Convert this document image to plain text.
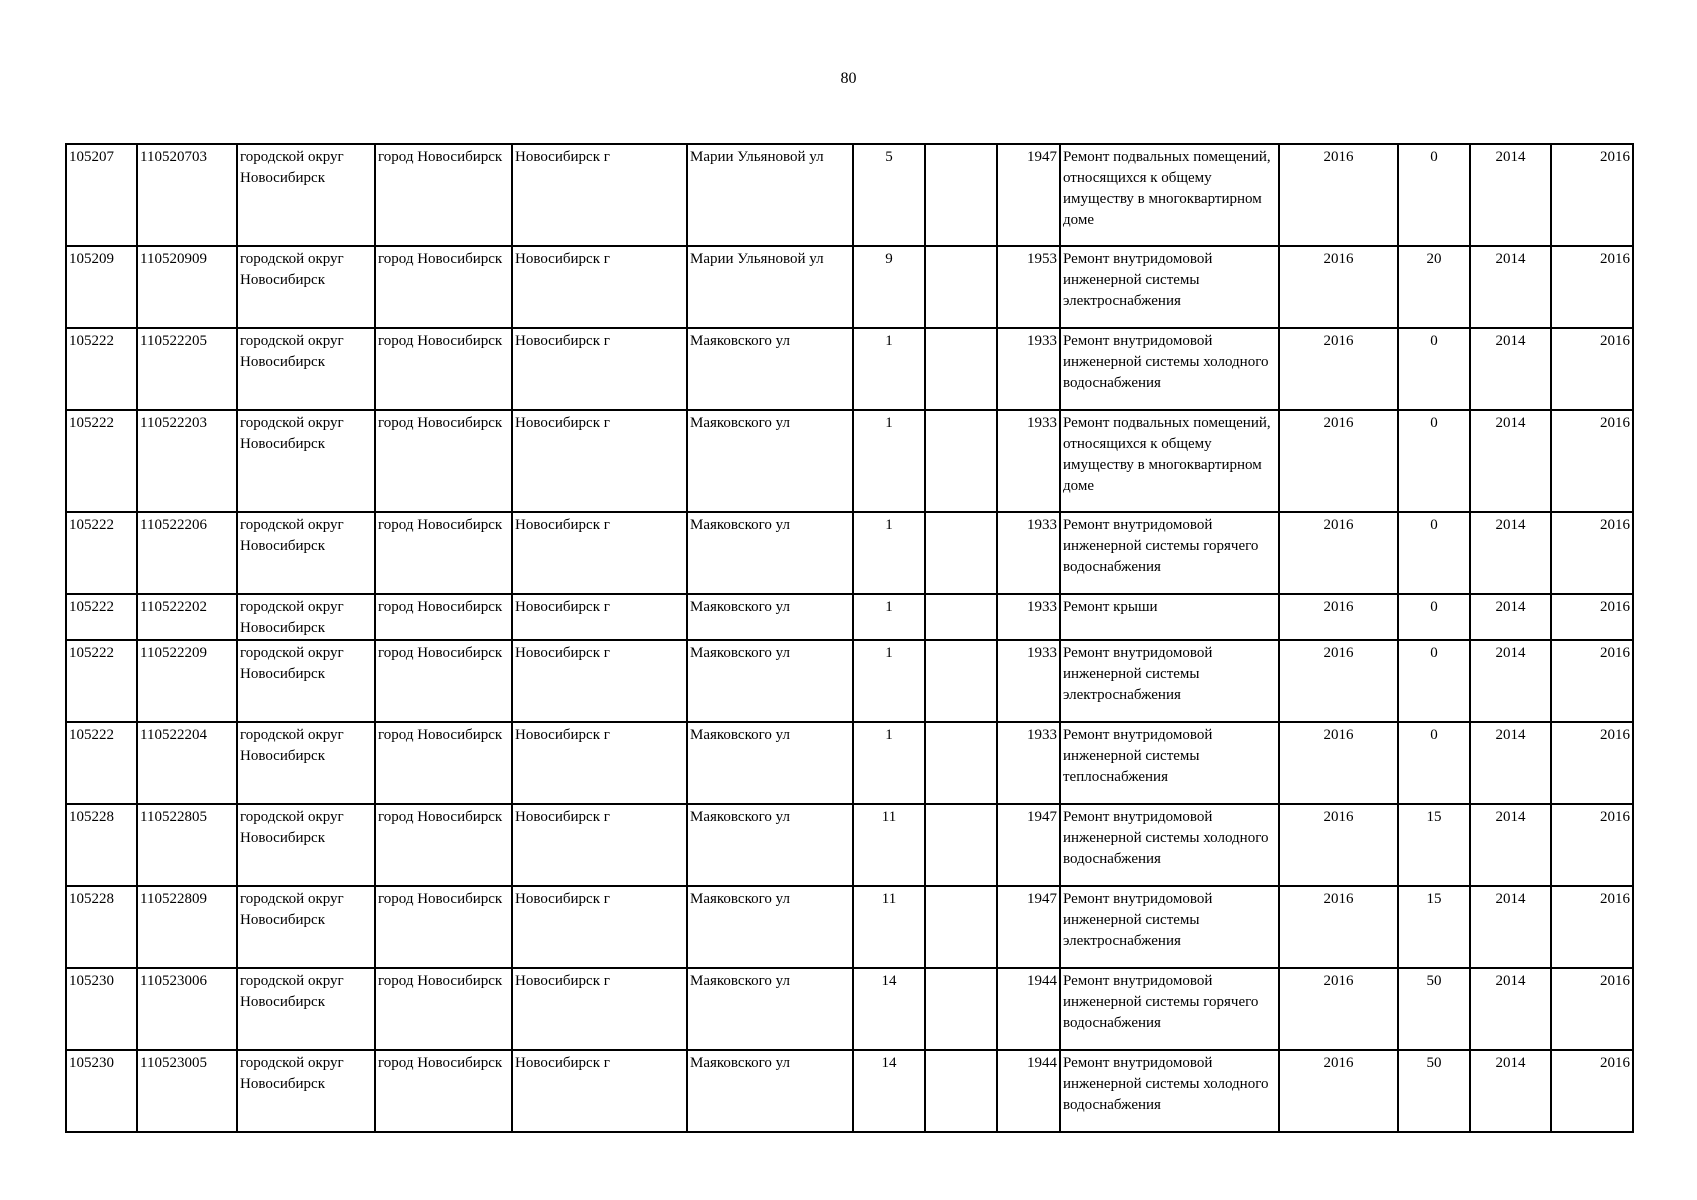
80
105207	110520703	городской округ Новосибирск	город Новосибирск	Новосибирск г	Марии Ульяновой ул	5		1947	Ремонт подвальных помещений, относящихся к общему имуществу в многоквартирном доме	2016	0	2014	2016
105209	110520909	городской округ Новосибирск	город Новосибирск	Новосибирск г	Марии Ульяновой ул	9		1953	Ремонт внутридомовой инженерной системы электроснабжения	2016	20	2014	2016
105222	110522205	городской округ Новосибирск	город Новосибирск	Новосибирск г	Маяковского ул	1		1933	Ремонт внутридомовой инженерной системы холодного водоснабжения	2016	0	2014	2016
105222	110522203	городской округ Новосибирск	город Новосибирск	Новосибирск г	Маяковского ул	1		1933	Ремонт подвальных помещений, относящихся к общему имуществу в многоквартирном доме	2016	0	2014	2016
105222	110522206	городской округ Новосибирск	город Новосибирск	Новосибирск г	Маяковского ул	1		1933	Ремонт внутридомовой инженерной системы горячего водоснабжения	2016	0	2014	2016
105222	110522202	городской округ Новосибирск	город Новосибирск	Новосибирск г	Маяковского ул	1		1933	Ремонт крыши	2016	0	2014	2016
105222	110522209	городской округ Новосибирск	город Новосибирск	Новосибирск г	Маяковского ул	1		1933	Ремонт внутридомовой инженерной системы электроснабжения	2016	0	2014	2016
105222	110522204	городской округ Новосибирск	город Новосибирск	Новосибирск г	Маяковского ул	1		1933	Ремонт внутридомовой инженерной системы теплоснабжения	2016	0	2014	2016
105228	110522805	городской округ Новосибирск	город Новосибирск	Новосибирск г	Маяковского ул	11		1947	Ремонт внутридомовой инженерной системы холодного водоснабжения	2016	15	2014	2016
105228	110522809	городской округ Новосибирск	город Новосибирск	Новосибирск г	Маяковского ул	11		1947	Ремонт внутридомовой инженерной системы электроснабжения	2016	15	2014	2016
105230	110523006	городской округ Новосибирск	город Новосибирск	Новосибирск г	Маяковского ул	14		1944	Ремонт внутридомовой инженерной системы горячего водоснабжения	2016	50	2014	2016
105230	110523005	городской округ Новосибирск	город Новосибирск	Новосибирск г	Маяковского ул	14		1944	Ремонт внутридомовой инженерной системы холодного водоснабжения	2016	50	2014	2016
